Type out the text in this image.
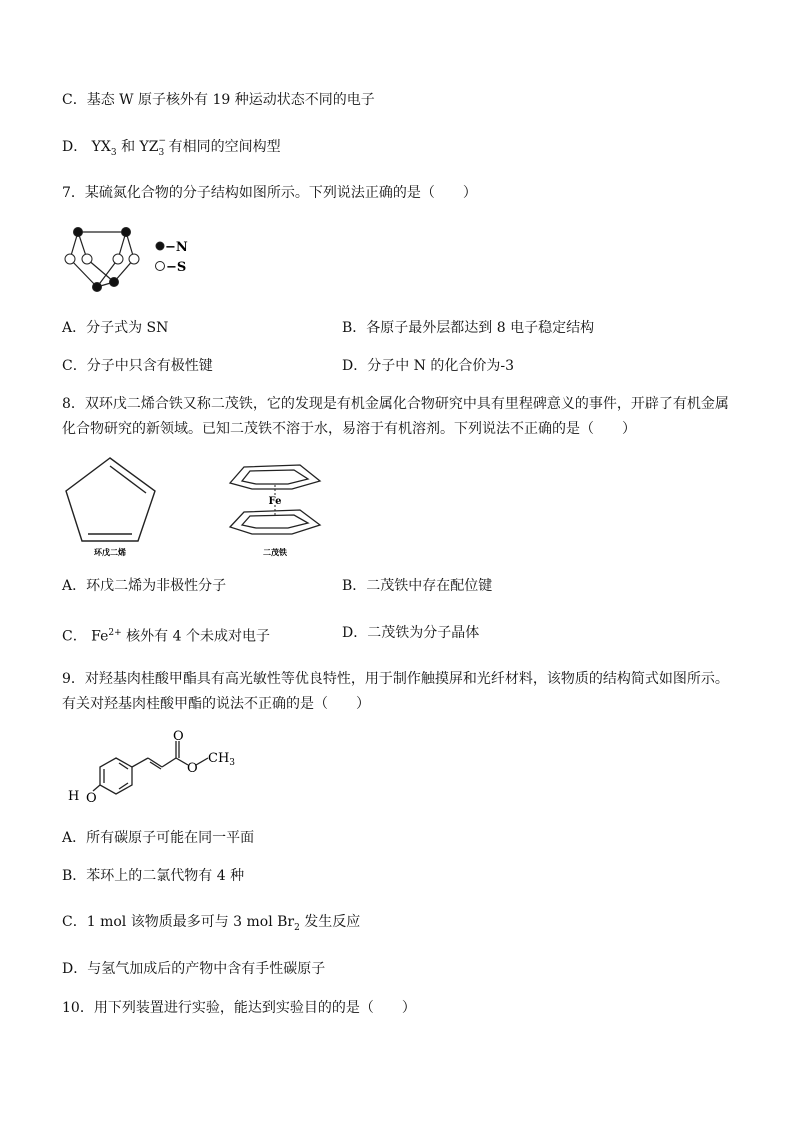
C．基态 W 原子核外有 19 种运动状态不同的电子
D． $YX_3$ 和 YZ −
$_3$ 有相同的空间构型
7．某硫氮化合物的分子结构如图所示。下列说法正确的是（　　）
−N
−S
A．分子式为 SN	B．各原子最外层都达到 8 电子稳定结构
C．分子中只含有极性键	D．分子中 N 的化合价为-3
8．双环戊二烯合铁又称二茂铁，它的发现是有机金属化合物研究中具有里程碑意义的事件，开辟了有机金属
化合物研究的新领域。已知二茂铁不溶于水，易溶于有机溶剂。下列说法不正确的是（　　）
环戊二烯
Fe
二茂铁
A．环戊二烯为非极性分子	B．二茂铁中存在配位键
C． $Fe^{2+}$ 核外有 4 个未成对电子	D．二茂铁为分子晶体
9．对羟基肉桂酸甲酯具有高光敏性等优良特性，用于制作触摸屏和光纤材料，该物质的结构简式如图所示。
有关对羟基肉桂酸甲酯的说法不正确的是（　　）
H O
O
O
$CH_3$
A．所有碳原子可能在同一平面
B．苯环上的二氯代物有 4 种
C．1 mol 该物质最多可与 3 mol $Br_2$ 发生反应
D．与氢气加成后的产物中含有手性碳原子
10．用下列装置进行实验，能达到实验目的的是（　　）
